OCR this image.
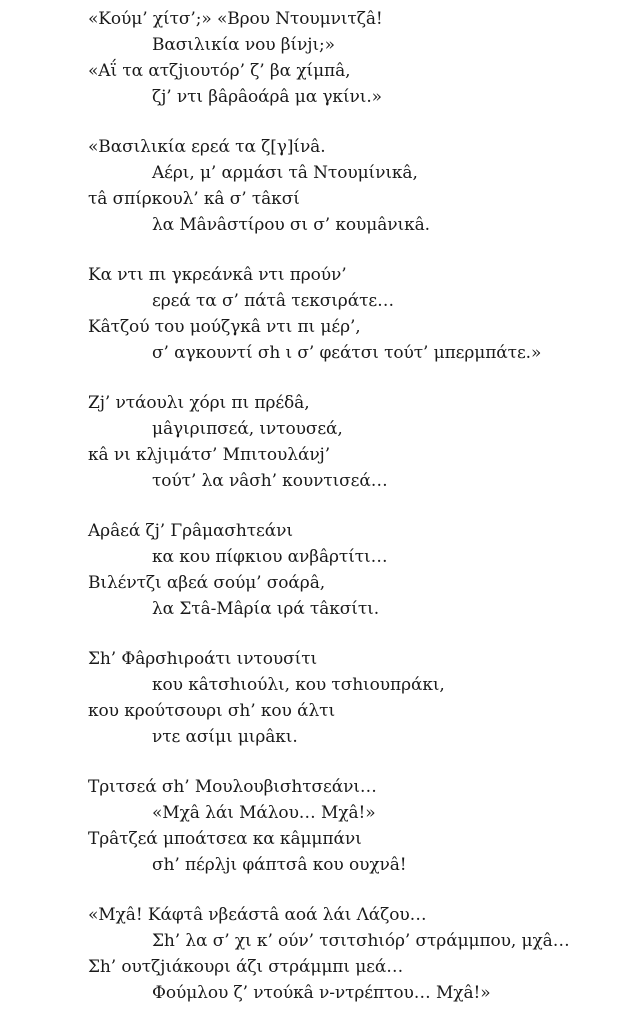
«Κούμ’ χίτσ’;» «Βρου Ντουμνιτζâ!
Βασιλικία νου βίνjι;»
«Aΐ τα ατζjιουτόρ’ ζ’ βα χίμπâ,
ζj’ ντι βâρâοάρâ μα γκίνι.»
«Βασιλικία ερεά τα ζ[γ]ίνâ.
Αέρι, μ’ αρμάσι τâ Ντουμίνικâ,
τâ σπίρκουλ’ κâ σ’ τâκσί
λα Μâνâστίρου σι σ’ κουμâνικâ.
Κα ντι πι γκρεάνκâ ντι προύν’
ερεά τα σ’ πάτâ τεκσιράτε…
Κâτζού του μούζγκâ ντι πι μέρ’,
σ’ αγκουντί σh ι σ’ φεάτσι τούτ’ μπερμπάτε.»
Zj’ ντάουλι χόρι πι πρέδâ,
μâγιριπσεά, ιντουσεά,
κâ νι κλjιμάτσ’ Μπιτουλάνj’
τούτ’ λα νâσh’ κουντισεά…
Αρâεά ζj’ Γρâμασhτεάνι
κα κου πίφκιου ανβâρτίτι…
Βιλέντζι αβεά σούμ’ σοάρâ,
λα Στâ-Μâρία ιρά τâκσίτι.
Σh’ Φâρσhιροάτι ιντουσίτι
κου κâτσhιούλι, κου τσhιουπράκι,
κου κρούτσουρι σh’ κου άλτι
ντε ασίμι μιρâκι.
Τριτσεά σh’ Μουλουβισhτσεάνι…
«Μχâ λάι Μάλου… Μχâ!»
Τρâτζεά μποάτσεα κα κâμμπάνι
σh’ πέρλjι φάπτσâ κου ουχνâ!
«Μχâ! Κάφτâ νβεάστâ αοά λάι Λάζου…
Σh’ λα σ’ χι κ’ ούν’ τσιτσhιόρ’ στράμμπου, μχâ…
Σh’ ουτζjιάκουρι άζι στράμμπι μεά…
Φούμλου ζ’ ντούκâ ν-ντρέπτου… Μχâ!»
